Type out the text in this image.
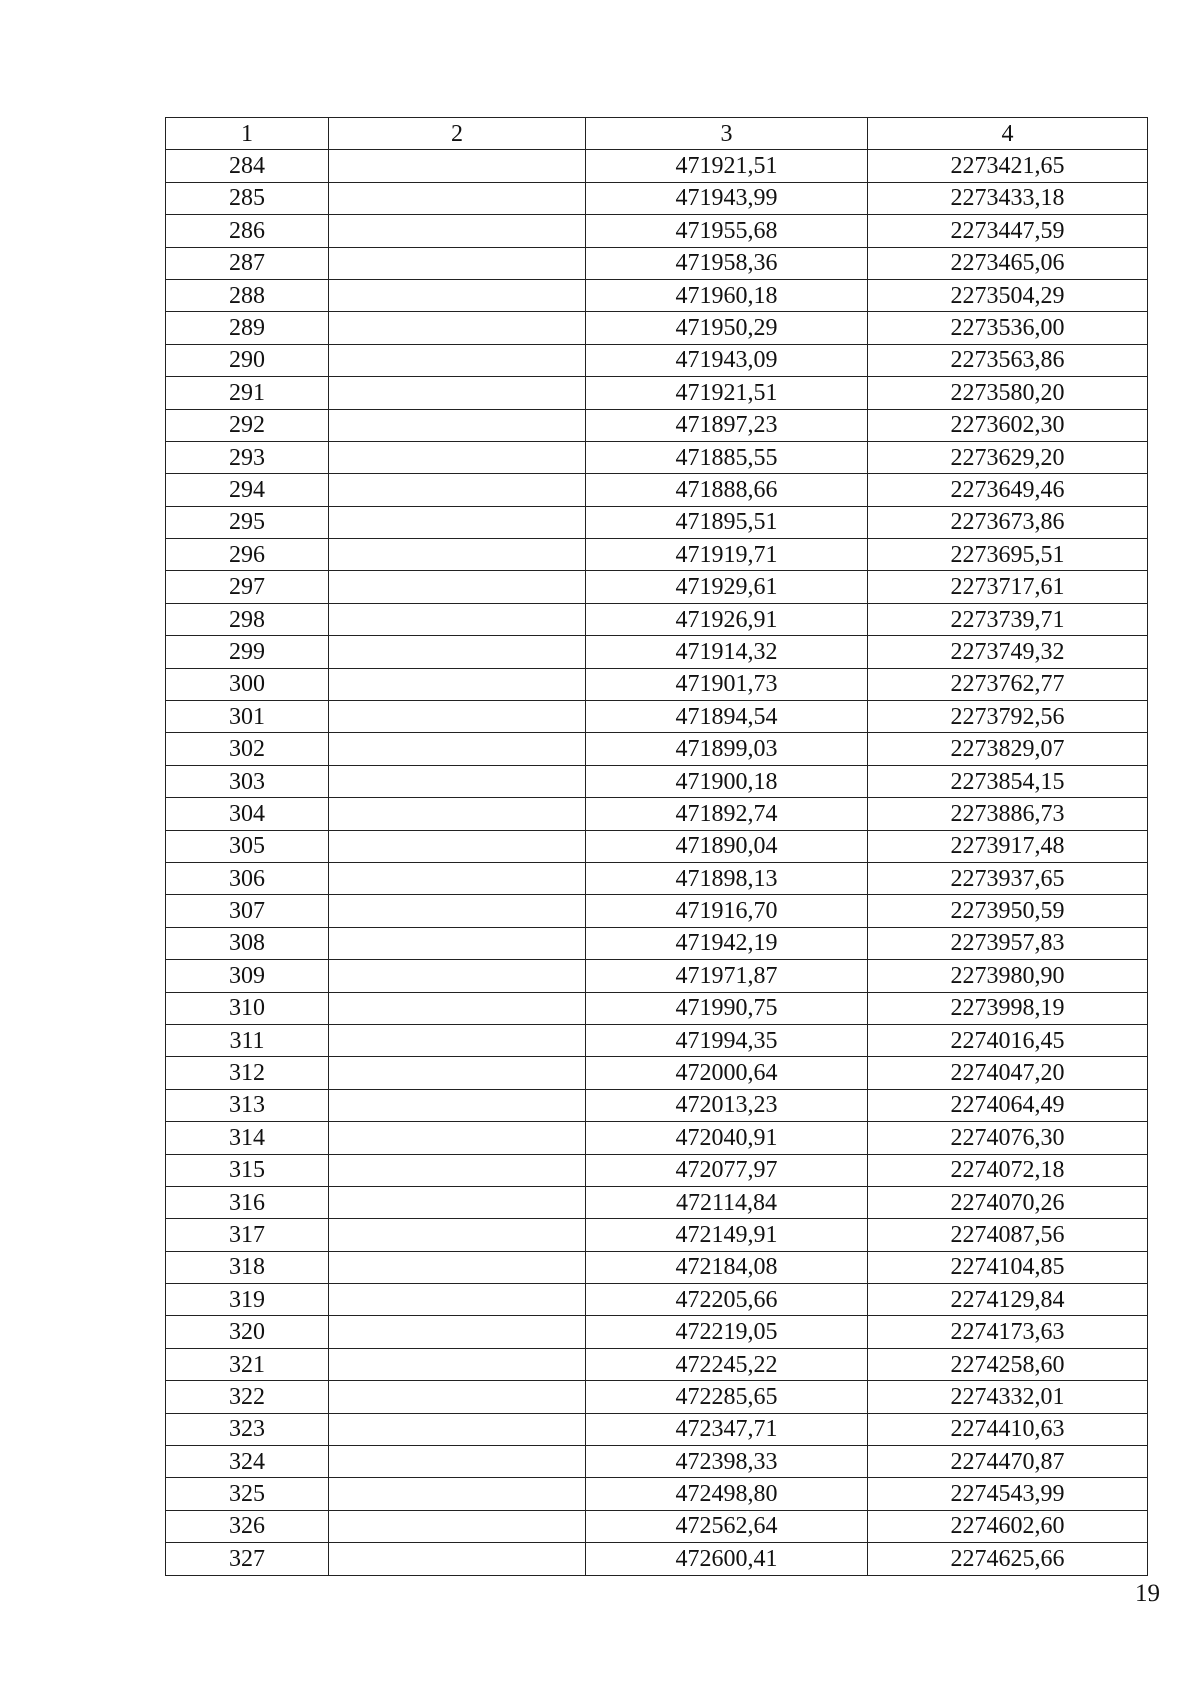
1	2	3	4
284		471921,51	2273421,65
285		471943,99	2273433,18
286		471955,68	2273447,59
287		471958,36	2273465,06
288		471960,18	2273504,29
289		471950,29	2273536,00
290		471943,09	2273563,86
291		471921,51	2273580,20
292		471897,23	2273602,30
293		471885,55	2273629,20
294		471888,66	2273649,46
295		471895,51	2273673,86
296		471919,71	2273695,51
297		471929,61	2273717,61
298		471926,91	2273739,71
299		471914,32	2273749,32
300		471901,73	2273762,77
301		471894,54	2273792,56
302		471899,03	2273829,07
303		471900,18	2273854,15
304		471892,74	2273886,73
305		471890,04	2273917,48
306		471898,13	2273937,65
307		471916,70	2273950,59
308		471942,19	2273957,83
309		471971,87	2273980,90
310		471990,75	2273998,19
311		471994,35	2274016,45
312		472000,64	2274047,20
313		472013,23	2274064,49
314		472040,91	2274076,30
315		472077,97	2274072,18
316		472114,84	2274070,26
317		472149,91	2274087,56
318		472184,08	2274104,85
319		472205,66	2274129,84
320		472219,05	2274173,63
321		472245,22	2274258,60
322		472285,65	2274332,01
323		472347,71	2274410,63
324		472398,33	2274470,87
325		472498,80	2274543,99
326		472562,64	2274602,60
327		472600,41	2274625,66
19
